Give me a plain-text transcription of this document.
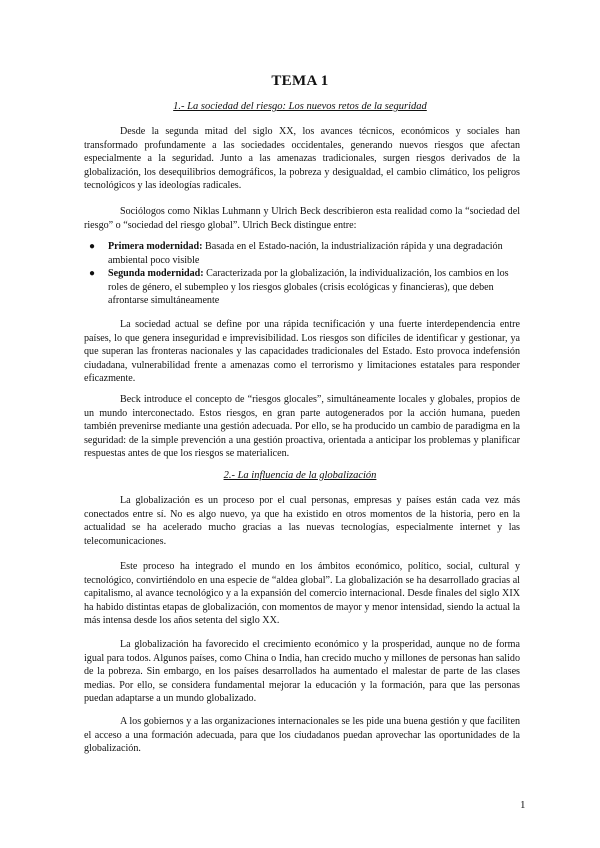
TEMA 1
1.- La sociedad del riesgo: Los nuevos retos de la seguridad

Desde la segunda mitad del siglo XX, los avances técnicos, económicos y sociales han transformado profundamente a las sociedades occidentales, generando nuevos riesgos que afectan especialmente a la seguridad. Junto a las amenazas tradicionales, surgen riesgos derivados de la globalización, los desequilibrios demográficos, la pobreza y desigualdad, el cambio climático, los peligros tecnológicos y las ideologías radicales.

Sociólogos como Niklas Luhmann y Ulrich Beck describieron esta realidad como la “sociedad del riesgo” o “sociedad del riesgo global”. Ulrich Beck distingue entre:

● Primera modernidad: Basada en el Estado-nación, la industrialización rápida y una degradación ambiental poco visible
● Segunda modernidad: Caracterizada por la globalización, la individualización, los cambios en los roles de género, el subempleo y los riesgos globales (crisis ecológicas y financieras), que deben afrontarse simultáneamente

La sociedad actual se define por una rápida tecnificación y una fuerte interdependencia entre países, lo que genera inseguridad e imprevisibilidad. Los riesgos son difíciles de identificar y gestionar, ya que superan las fronteras nacionales y las capacidades tradicionales del Estado. Esto provoca indefensión ciudadana, vulnerabilidad frente a amenazas como el terrorismo y limitaciones estatales para responder eficazmente.

Beck introduce el concepto de “riesgos glocales”, simultáneamente locales y globales, propios de un mundo interconectado. Estos riesgos, en gran parte autogenerados por la acción humana, pueden también prevenirse mediante una gestión adecuada. Por ello, se ha producido un cambio de paradigma en la seguridad: de la simple prevención a una gestión proactiva, orientada a anticipar los problemas y planificar respuestas antes de que los riesgos se materialicen.

2.- La influencia de la globalización

La globalización es un proceso por el cual personas, empresas y países están cada vez más conectados entre sí. No es algo nuevo, ya que ha existido en otros momentos de la historia, pero en la actualidad se ha acelerado mucho gracias a las nuevas tecnologías, especialmente internet y las telecomunicaciones.

Este proceso ha integrado el mundo en los ámbitos económico, político, social, cultural y tecnológico, convirtiéndolo en una especie de “aldea global”. La globalización se ha desarrollado gracias al capitalismo, al avance tecnológico y a la expansión del comercio internacional. Desde finales del siglo XIX ha habido distintas etapas de globalización, con momentos de mayor y menor intensidad, siendo la actual la más intensa desde los años setenta del siglo XX.

La globalización ha favorecido el crecimiento económico y la prosperidad, aunque no de forma igual para todos. Algunos países, como China o India, han crecido mucho y millones de personas han salido de la pobreza. Sin embargo, en los países desarrollados ha aumentado el malestar de parte de las clases medias. Por ello, se considera fundamental mejorar la educación y la formación, para que las personas puedan adaptarse a un mundo globalizado.

A los gobiernos y a las organizaciones internacionales se les pide una buena gestión y que faciliten el acceso a una formación adecuada, para que los ciudadanos puedan aprovechar las oportunidades de la globalización.

1
